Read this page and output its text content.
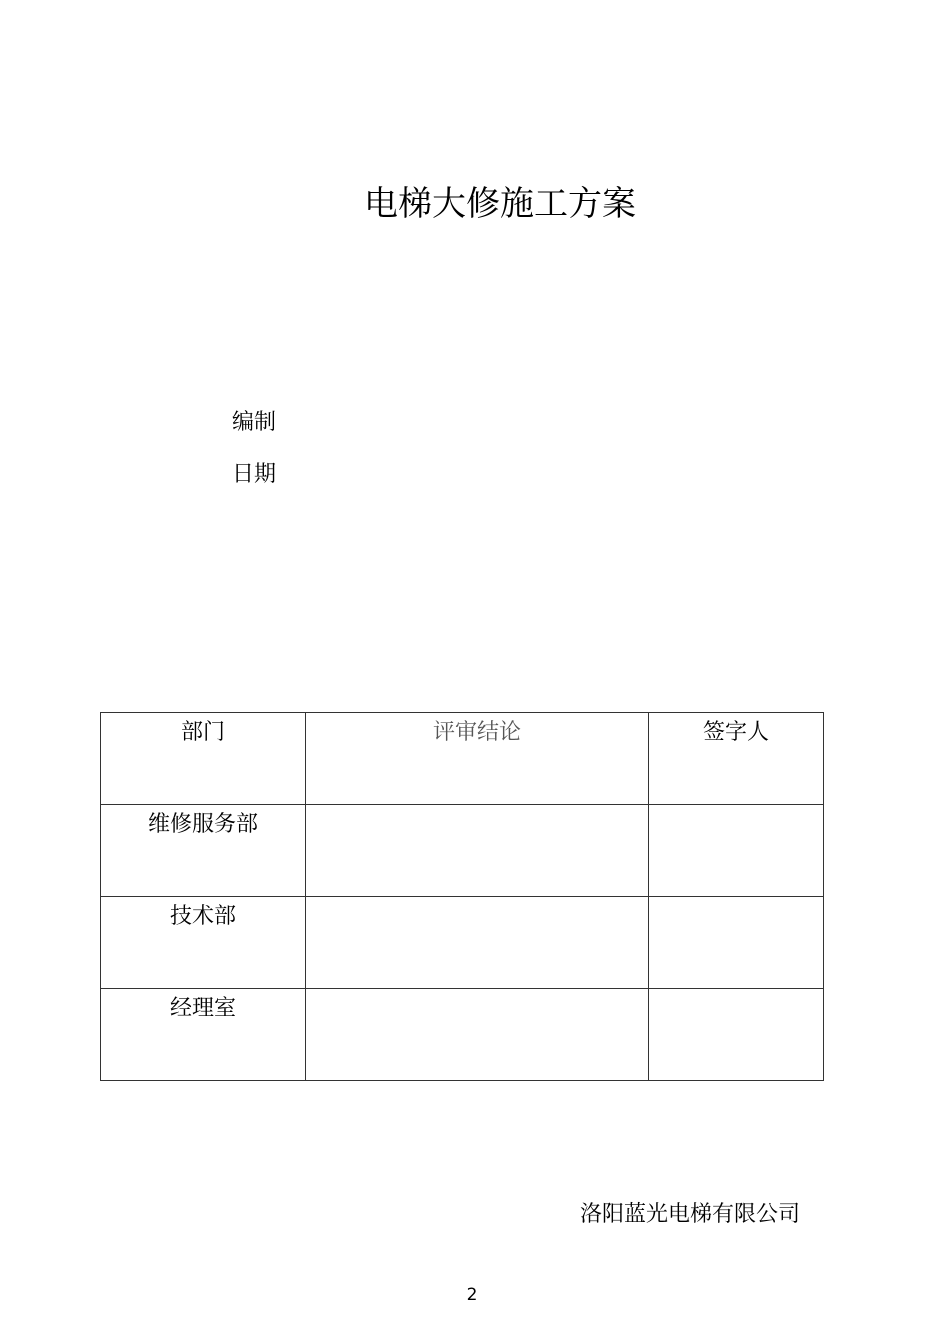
电梯大修施工方案
编制
日期
部门	评审结论	签字人
维修服务部		
技术部		
经理室		
洛阳蓝光电梯有限公司
2
